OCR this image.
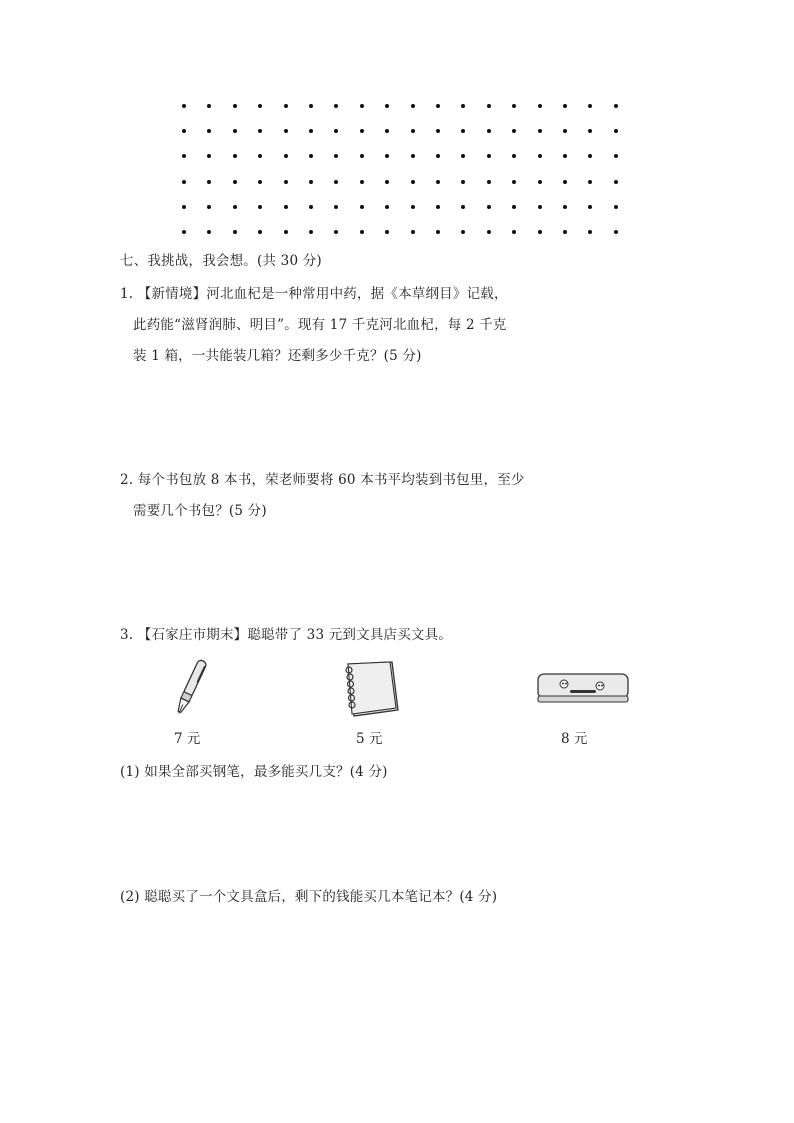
七、我挑战，我会想。(共 30 分)
1. 【新情境】河北血杞是一种常用中药，据《本草纲目》记载，
此药能“滋肾润肺、明目”。现有 17 千克河北血杞，每 2 千克
装 1 箱，一共能装几箱？还剩多少千克？(5 分)
2. 每个书包放 8 本书，荣老师要将 60 本书平均装到书包里，至少
需要几个书包？(5 分)
3. 【石家庄市期末】聪聪带了 33 元到文具店买文具。
7 元	5 元	8 元
(1) 如果全部买钢笔，最多能买几支？(4 分)
(2) 聪聪买了一个文具盒后，剩下的钱能买几本笔记本？(4 分)
